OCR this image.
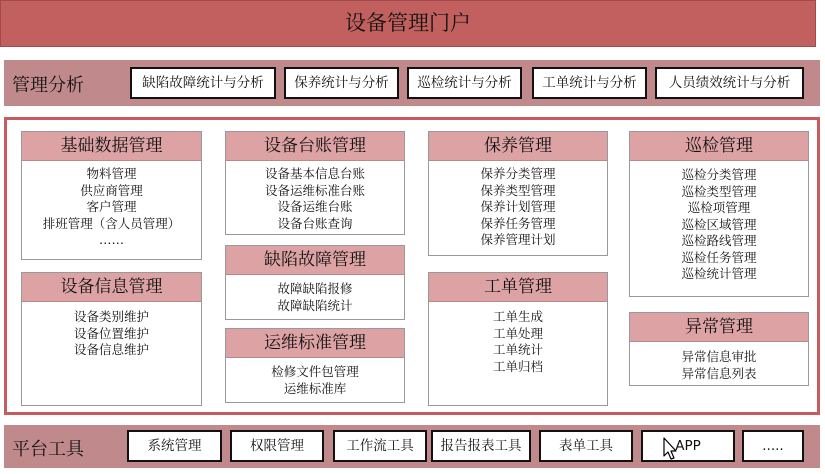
设备管理门户
管理分析	缺陷故障统计与分析	保养统计与分析	巡检统计与分析	工单统计与分析	人员绩效统计与分析
基础数据管理
物料管理
供应商管理
客户管理
排班管理（含人员管理）
……
设备信息管理
设备类别维护
设备位置维护
设备信息维护
设备台账管理
设备基本信息台账
设备运维标准台账
设备运维台账
设备台账查询
缺陷故障管理
故障缺陷报修
故障缺陷统计
运维标准管理
检修文件包管理
运维标准库
保养管理
保养分类管理
保养类型管理
保养计划管理
保养任务管理
保养管理计划
工单管理
工单生成
工单处理
工单统计
工单归档
巡检管理
巡检分类管理
巡检类型管理
巡检项管理
巡检区域管理
巡检路线管理
巡检任务管理
巡检统计管理
异常管理
异常信息审批
异常信息列表
平台工具	系统管理	权限管理	工作流工具	报告报表工具	表单工具	APP	.....
